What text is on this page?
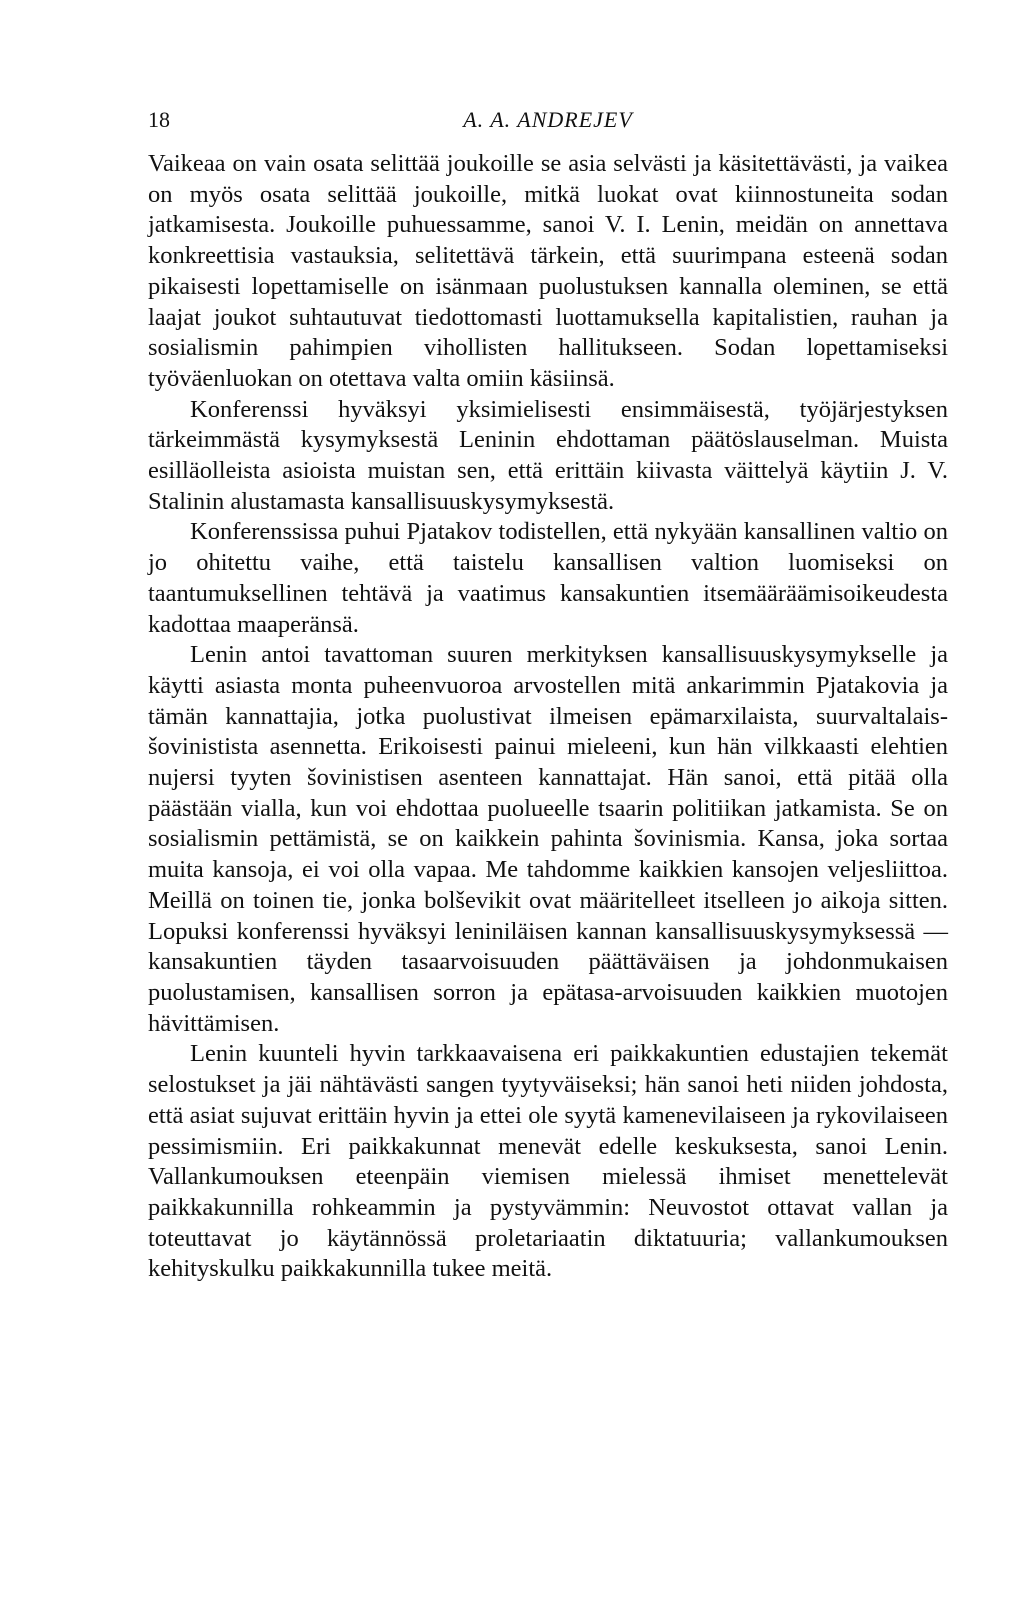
18	A. A. ANDREJEV

Vaikeaa on vain osata selittää joukoille se asia selvästi ja käsitettävästi, ja vaikea on myös osata selittää joukoille, mitkä luokat ovat kiinnostuneita sodan jatkamisesta. Joukoille puhuessamme, sanoi V. I. Lenin, meidän on annettava konkreettisia vastauksia, selitettävä tärkein, että suurimpana esteenä sodan pikaisesti lopettamiselle on isänmaan puolustuksen kannalla oleminen, se että laajat joukot suhtautuvat tiedottomasti luottamuksella kapitalistien, rauhan ja sosialismin pahimpien vihollisten hallitukseen. Sodan lopettamiseksi työväenluokan on otettava valta omiin käsiinsä.

Konferenssi hyväksyi yksimielisesti ensimmäisestä, työjärjestyksen tärkeimmästä kysymyksestä Leninin ehdottaman päätöslauselman. Muista esilläolleista asioista muistan sen, että erittäin kiivasta väittelyä käytiin J. V. Stalinin alustamasta kansallisuuskysymyksestä.

Konferenssissa puhui Pjatakov todistellen, että nykyään kansallinen valtio on jo ohitettu vaihe, että taistelu kansallisen valtion luomiseksi on taantumuksellinen tehtävä ja vaatimus kansakuntien itsemääräämisoikeudesta kadottaa maaperänsä.

Lenin antoi tavattoman suuren merkityksen kansallisuuskysymykselle ja käytti asiasta monta puheenvuoroa arvostellen mitä ankarimmin Pjatakovia ja tämän kannattajia, jotka puolustivat ilmeisen epämarxilaista, suurvaltalais-šovinistista asennetta. Erikoisesti painui mieleeni, kun hän vilkkaasti elehtien nujersi tyyten šovinistisen asenteen kannattajat. Hän sanoi, että pitää olla päästään vialla, kun voi ehdottaa puolueelle tsaarin politiikan jatkamista. Se on sosialismin pettämistä, se on kaikkein pahinta šovinismia. Kansa, joka sortaa muita kansoja, ei voi olla vapaa. Me tahdomme kaikkien kansojen veljesliittoa. Meillä on toinen tie, jonka bolševikit ovat määritelleet itselleen jo aikoja sitten. Lopuksi konferenssi hyväksyi leniniläisen kannan kansallisuuskysymyksessä — kansakuntien täyden tasaarvoisuuden päättäväisen ja johdonmukaisen puolustamisen, kansallisen sorron ja epätasa-arvoisuuden kaikkien muotojen hävittämisen.

Lenin kuunteli hyvin tarkkaavaisena eri paikkakuntien edustajien tekemät selostukset ja jäi nähtävästi sangen tyytyväiseksi; hän sanoi heti niiden johdosta, että asiat sujuvat erittäin hyvin ja ettei ole syytä kamenevilaiseen ja rykovilaiseen pessimismiin. Eri paikkakunnat menevät edelle keskuksesta, sanoi Lenin. Vallankumouksen eteenpäin viemisen mielessä ihmiset menettelevät paikkakunnilla rohkeammin ja pystyvämmin: Neuvostot ottavat vallan ja toteuttavat jo käytännössä proletariaatin diktatuuria; vallankumouksen kehityskulku paikkakunnilla tukee meitä.
